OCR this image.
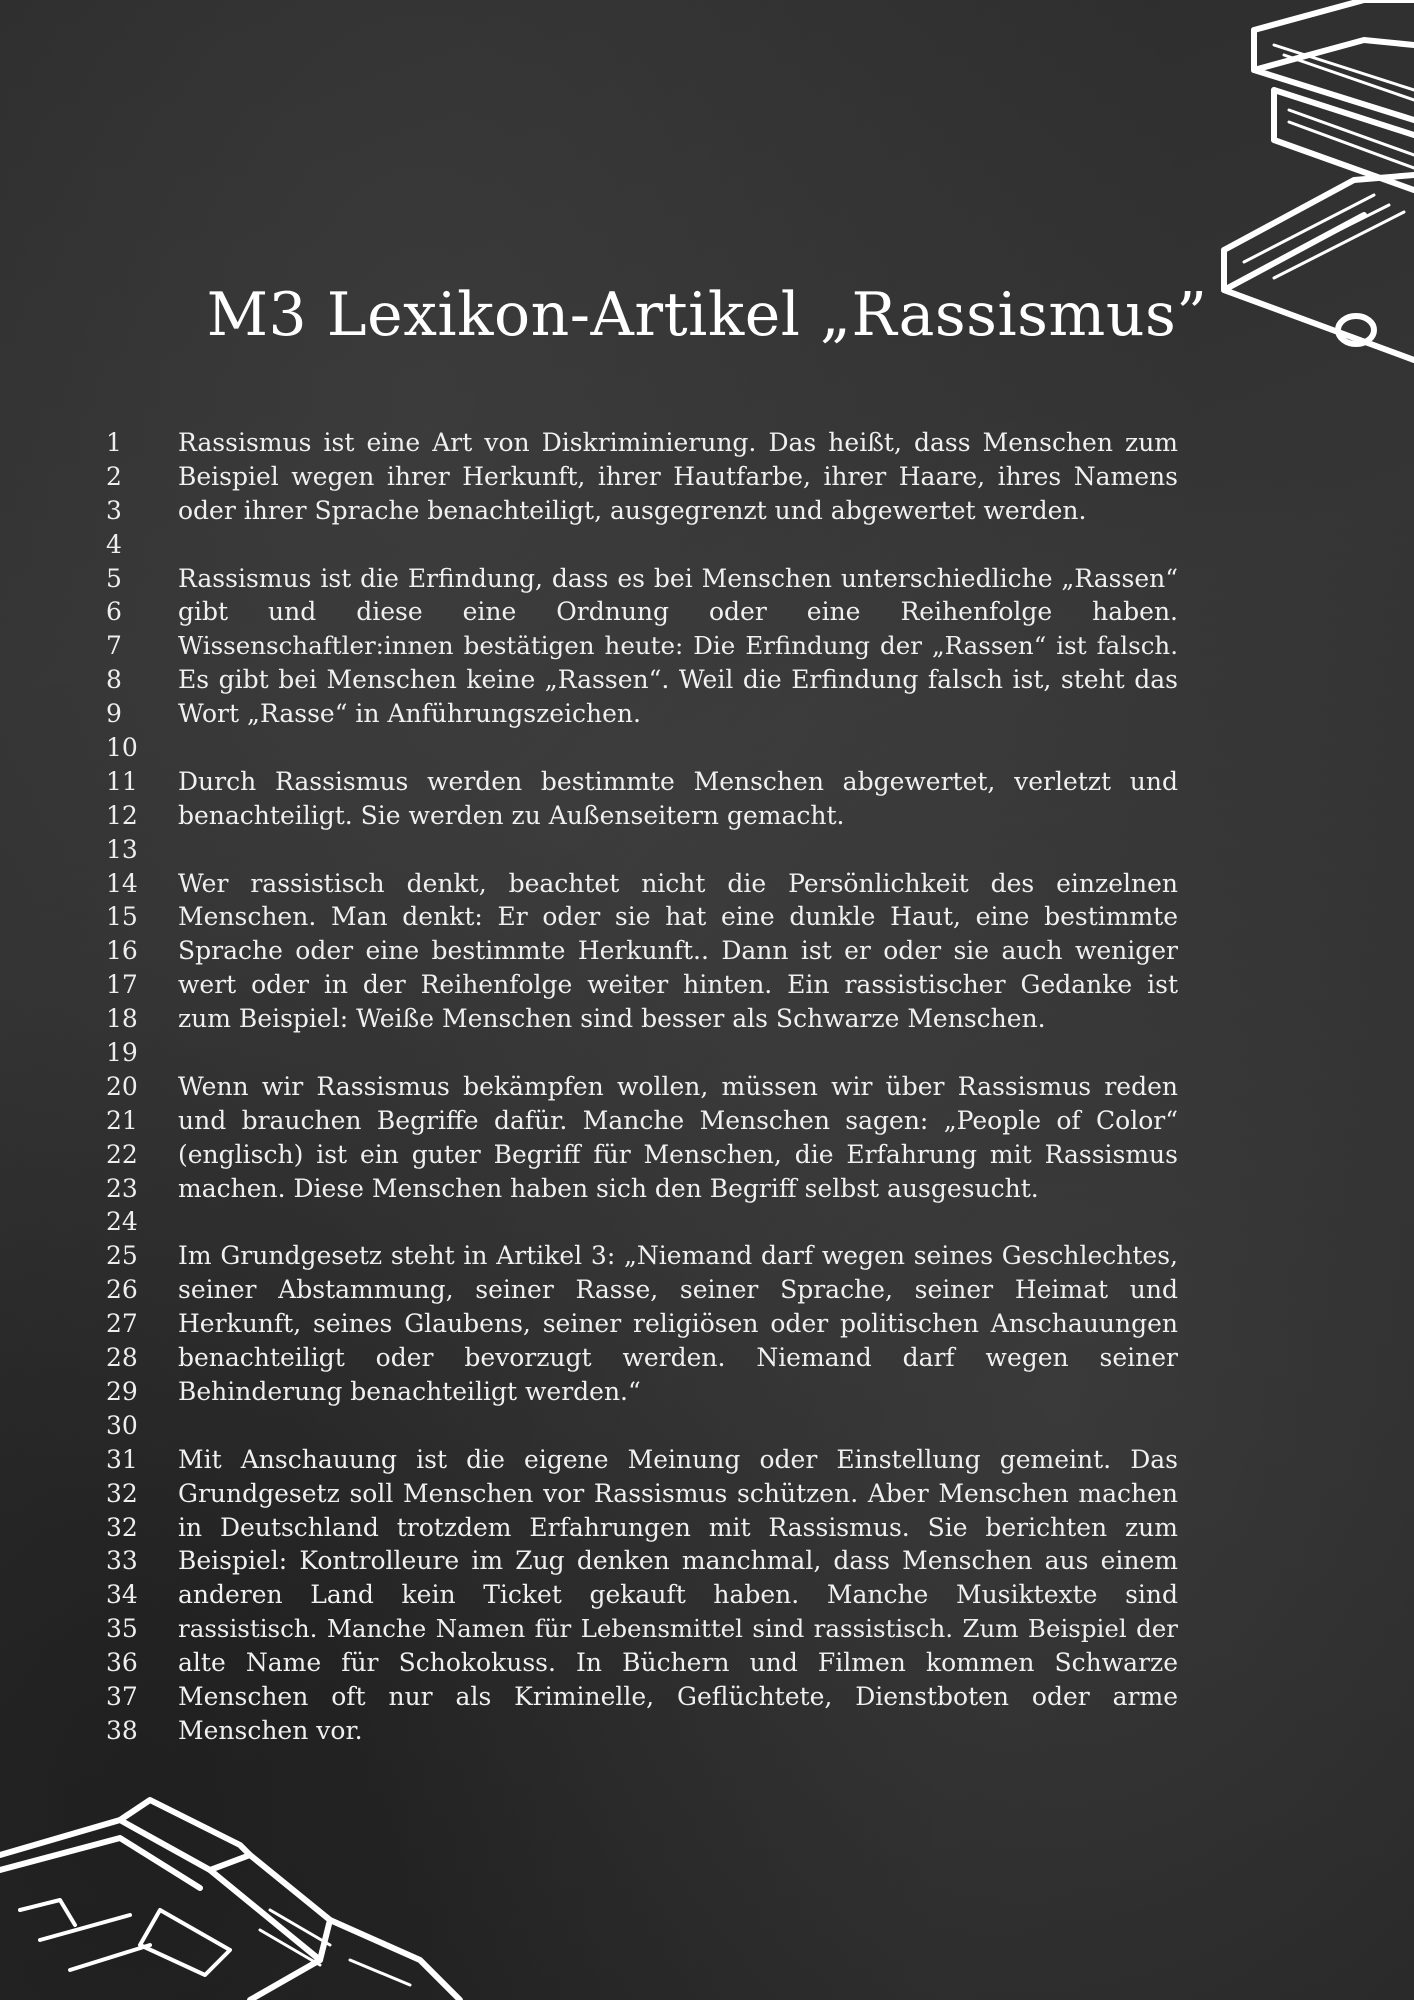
M3 Lexikon-Artikel „Rassismus”
1	Rassismus ist eine Art von Diskriminierung. Das heißt, dass Menschen zum
2	Beispiel wegen ihrer Herkunft, ihrer Hautfarbe, ihrer Haare, ihres Namens
3	oder ihrer Sprache benachteiligt, ausgegrenzt und abgewertet werden.
4
5	Rassismus ist die Erfindung, dass es bei Menschen unterschiedliche „Rassen“
6	gibt und diese eine Ordnung oder eine Reihenfolge haben.
7	Wissenschaftler:innen bestätigen heute: Die Erfindung der „Rassen“ ist falsch.
8	Es gibt bei Menschen keine „Rassen“. Weil die Erfindung falsch ist, steht das
9	Wort „Rasse“ in Anführungszeichen.
10
11	Durch Rassismus werden bestimmte Menschen abgewertet, verletzt und
12	benachteiligt. Sie werden zu Außenseitern gemacht.
13
14	Wer rassistisch denkt, beachtet nicht die Persönlichkeit des einzelnen
15	Menschen. Man denkt: Er oder sie hat eine dunkle Haut, eine bestimmte
16	Sprache oder eine bestimmte Herkunft.. Dann ist er oder sie auch weniger
17	wert oder in der Reihenfolge weiter hinten. Ein rassistischer Gedanke ist
18	zum Beispiel: Weiße Menschen sind besser als Schwarze Menschen.
19
20	Wenn wir Rassismus bekämpfen wollen, müssen wir über Rassismus reden
21	und brauchen Begriffe dafür. Manche Menschen sagen: „People of Color“
22	(englisch) ist ein guter Begriff für Menschen, die Erfahrung mit Rassismus
23	machen. Diese Menschen haben sich den Begriff selbst ausgesucht.
24
25	Im Grundgesetz steht in Artikel 3: „Niemand darf wegen seines Geschlechtes,
26	seiner Abstammung, seiner Rasse, seiner Sprache, seiner Heimat und
27	Herkunft, seines Glaubens, seiner religiösen oder politischen Anschauungen
28	benachteiligt oder bevorzugt werden. Niemand darf wegen seiner
29	Behinderung benachteiligt werden.“
30
31	Mit Anschauung ist die eigene Meinung oder Einstellung gemeint. Das
32	Grundgesetz soll Menschen vor Rassismus schützen. Aber Menschen machen
32	in Deutschland trotzdem Erfahrungen mit Rassismus. Sie berichten zum
33	Beispiel: Kontrolleure im Zug denken manchmal, dass Menschen aus einem
34	anderen Land kein Ticket gekauft haben. Manche Musiktexte sind
35	rassistisch. Manche Namen für Lebensmittel sind rassistisch. Zum Beispiel der
36	alte Name für Schokokuss. In Büchern und Filmen kommen Schwarze
37	Menschen oft nur als Kriminelle, Geflüchtete, Dienstboten oder arme
38	Menschen vor.
